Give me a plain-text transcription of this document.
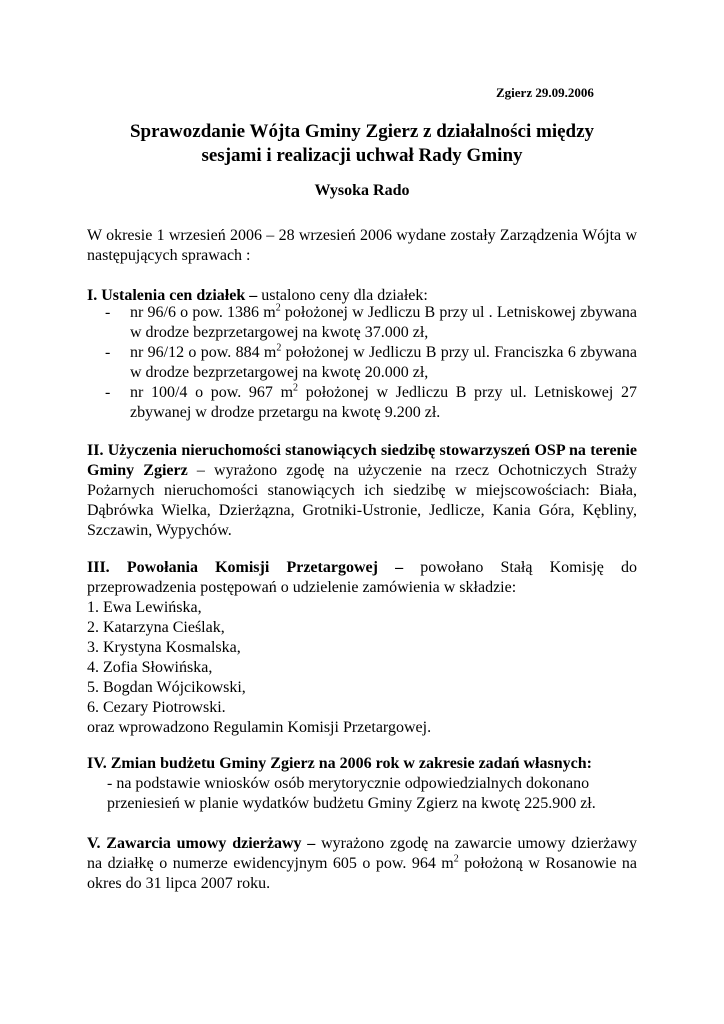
Zgierz 29.09.2006
Sprawozdanie Wójta Gminy Zgierz z działalności między
sesjami i realizacji uchwał Rady Gminy
Wysoka Rado
W okresie 1 wrzesień 2006 – 28 wrzesień 2006 wydane zostały Zarządzenia Wójta w następujących sprawach :
I. Ustalenia cen działek – ustalono ceny dla działek:
- nr 96/6 o pow. 1386 $m^2$ położonej w Jedliczu B przy ul . Letniskowej zbywana w drodze bezprzetargowej na kwotę 37.000 zł,
- nr 96/12 o pow. 884 $m^2$ położonej w Jedliczu B przy ul. Franciszka 6 zbywana w drodze bezprzetargowej na kwotę 20.000 zł,
- nr 100/4 o pow. 967 $m^2$ położonej w Jedliczu B przy ul. Letniskowej 27 zbywanej w drodze przetargu na kwotę 9.200 zł.
II. Użyczenia nieruchomości stanowiących siedzibę stowarzyszeń OSP na terenie Gminy Zgierz – wyrażono zgodę na użyczenie na rzecz Ochotniczych Straży Pożarnych nieruchomości stanowiących ich siedzibę w miejscowościach: Biała, Dąbrówka Wielka, Dzierżązna, Grotniki-Ustronie, Jedlicze, Kania Góra, Kębliny, Szczawin, Wypychów.
III. Powołania Komisji Przetargowej – powołano Stałą Komisję do przeprowadzenia postępowań o udzielenie zamówienia w składzie:
1. Ewa Lewińska,
2. Katarzyna Cieślak,
3. Krystyna Kosmalska,
4. Zofia Słowińska,
5. Bogdan Wójcikowski,
6. Cezary Piotrowski.
oraz wprowadzono Regulamin Komisji Przetargowej.
IV. Zmian budżetu Gminy Zgierz na 2006 rok w zakresie zadań własnych:
- na podstawie wniosków osób merytorycznie odpowiedzialnych dokonano
przeniesień w planie wydatków budżetu Gminy Zgierz na kwotę 225.900 zł.
V. Zawarcia umowy dzierżawy – wyrażono zgodę na zawarcie umowy dzierżawy na działkę o numerze ewidencyjnym 605 o pow. 964 $m^2$ położoną w Rosanowie na okres do 31 lipca 2007 roku.
